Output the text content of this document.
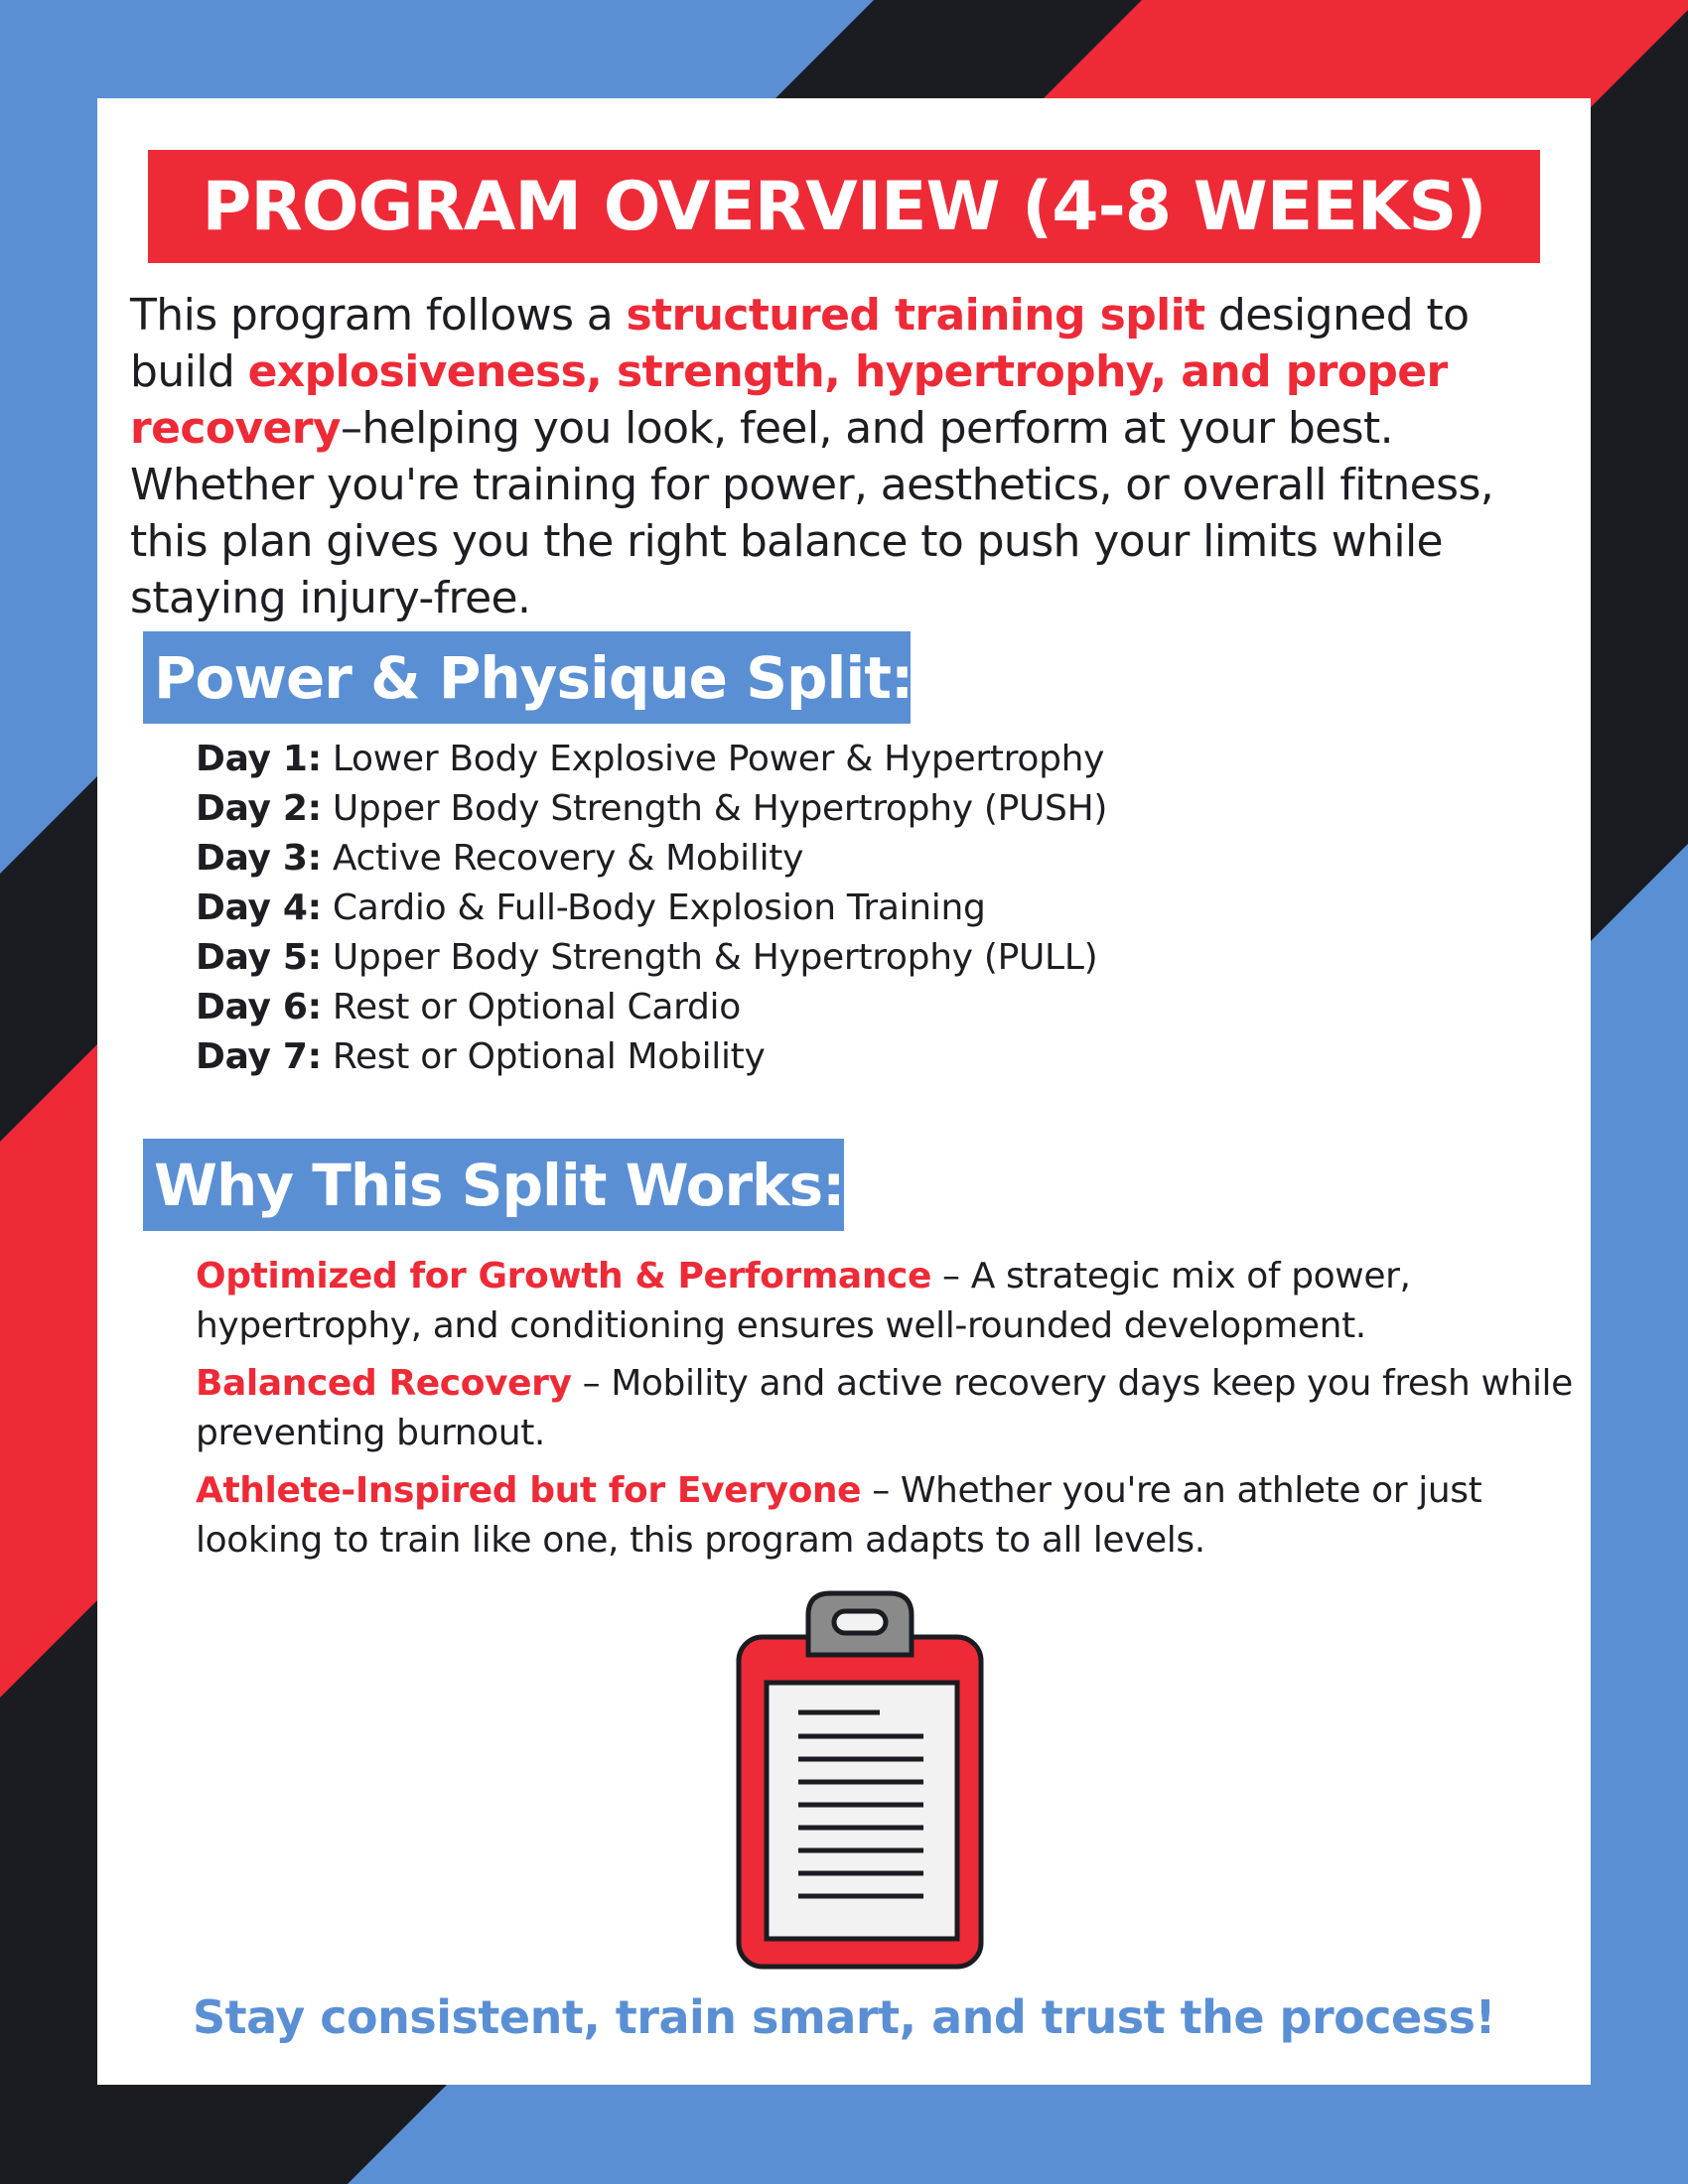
PROGRAM OVERVIEW (4-8 WEEKS)
This program follows a structured training split designed to build explosiveness, strength, hypertrophy, and proper recovery–helping you look, feel, and perform at your best. Whether you're training for power, aesthetics, or overall fitness, this plan gives you the right balance to push your limits while staying injury-free.
Power & Physique Split:
Day 1: Lower Body Explosive Power & Hypertrophy
Day 2: Upper Body Strength & Hypertrophy (PUSH)
Day 3: Active Recovery & Mobility
Day 4: Cardio & Full-Body Explosion Training
Day 5: Upper Body Strength & Hypertrophy (PULL)
Day 6: Rest or Optional Cardio
Day 7: Rest or Optional Mobility
Why This Split Works:
Optimized for Growth & Performance – A strategic mix of power, hypertrophy, and conditioning ensures well-rounded development.
Balanced Recovery – Mobility and active recovery days keep you fresh while preventing burnout.
Athlete-Inspired but for Everyone – Whether you're an athlete or just looking to train like one, this program adapts to all levels.
Stay consistent, train smart, and trust the process!
